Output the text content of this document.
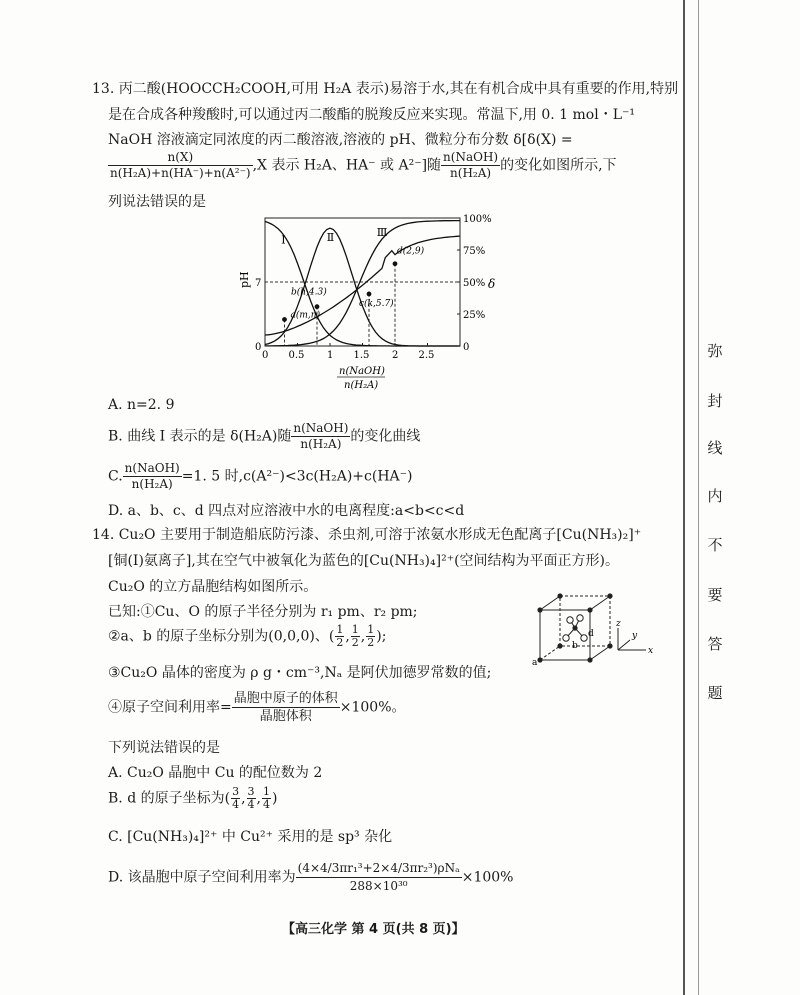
13. 丙二酸(HOOCCH₂COOH,可用 H₂A 表示)易溶于水,其在有机合成中具有重要的作用,特别
是在合成各种羧酸时,可以通过丙二酸酯的脱羧反应来实现。常温下,用 0. 1 mol・L⁻¹
NaOH 溶液滴定同浓度的丙二酸溶液,溶液的 pH、微粒分布分数 δ[δ(X) =
$\frac{n(X)}{\text{n(H₂A)+n(HA⁻)+n(A²⁻)}} ,X$ 表示 H₂A、HA⁻ 或 A²⁻]随 $\frac{\text{n(NaOH)}}{\text{n(H₂A)}}$ 的变化如图所示,下
列说法错误的是
Ⅰ	Ⅱ	Ⅲ
0 0.5 1 1.5 2 2.5
100%
75%
50%
25%
0
7
0
a(m,n)
b(h,4.3)
c(k,5.7)
d(2,9)
pH	δ
n(NaOH)
n(H₂A)
A. n=2. 9
B. 曲线 Ⅰ 表示的是 δ(H₂A)随 $\frac{\text{n(NaOH)}}{\text{n(H₂A)}}$ 的变化曲线
C. $\frac{\text{n(NaOH)}}{\text{n(H₂A)}} =1$. 5 时,c(A²⁻)<3c(H₂A)+c(HA⁻)
D. a、b、c、d 四点对应溶液中水的电离程度:a<b<c<d
14. Cu₂O 主要用于制造船底防污漆、杀虫剂,可溶于浓氨水形成无色配离子[Cu(NH₃)₂]⁺
[铜(Ⅰ)氨离子],其在空气中被氧化为蓝色的[Cu(NH₃)₄]²⁺(空间结构为平面正方形)。
Cu₂O 的立方晶胞结构如图所示。
已知:①Cu、O 的原子半径分别为 r₁ pm、r₂ pm;
②a、b 的原子坐标分别为(0,0,0)、( $\frac{1}{2}$ , $\frac{1}{2}$ , $\frac{1}{2}$ );
③Cu₂O 晶体的密度为 ρ g・cm⁻³,Nₐ 是阿伏加德罗常数的值;
④原子空间利用率= $\frac{\text{晶胞中原子的体积}}{\text{晶胞体积}} \times 100\%$。
a
b
d
x
z
y
下列说法错误的是
A. Cu₂O 晶胞中 Cu 的配位数为 2
B. d 的原子坐标为( $\frac{3}{4}$ , $\frac{3}{4}$ , $\frac{1}{4}$ )
C. [Cu(NH₃)₄]²⁺ 中 Cu²⁺ 采用的是 sp³ 杂化
D. 该晶胞中原子空间利用率为 $\frac{\text{(4×4/3πr₁³+2×4/3πr₂³)ρNₐ}}{\text{288×10³⁰}} \times 100\%$
弥
封
线
内
不
要
答
题
【高三化学 第 4 页(共 8 页)】
